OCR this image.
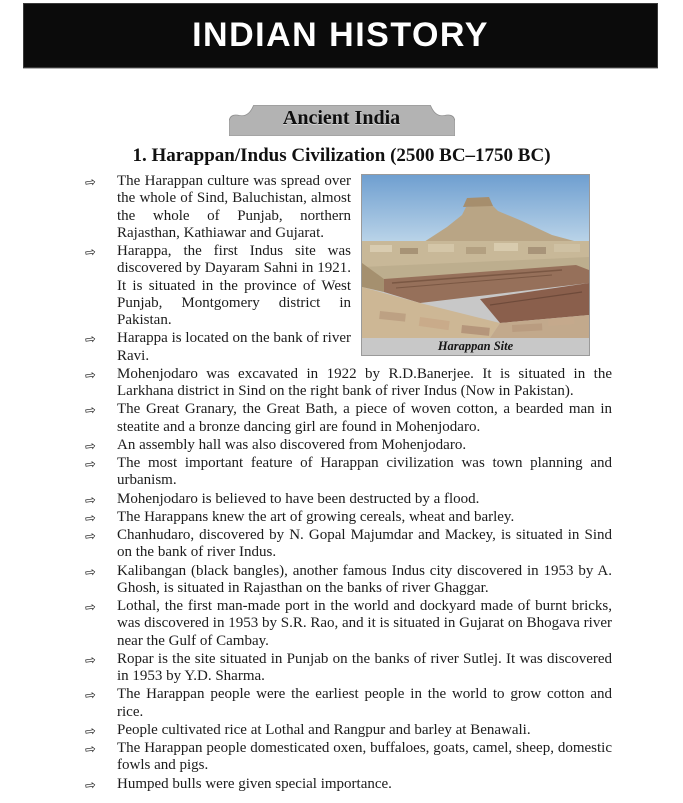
INDIAN HISTORY
Ancient India
1. Harappan/Indus Civilization (2500 BC–1750 BC)
Harappan Site
⇨ The Harappan culture was spread over the whole of Sind, Baluchistan, almost the whole of Punjab, northern Rajasthan, Kathiawar and Gujarat.
⇨ Harappa, the first Indus site was discovered by Dayaram Sahni in 1921. It is situated in the province of West Punjab, Montgomery district in Pakistan.
⇨ Harappa is located on the bank of river Ravi.
⇨ Mohenjodaro was excavated in 1922 by R.D.Banerjee. It is situated in the Larkhana district in Sind on the right bank of river Indus (Now in Pakistan).
⇨ The Great Granary, the Great Bath, a piece of woven cotton, a bearded man in steatite and a bronze dancing girl are found in Mohenjodaro.
⇨ An assembly hall was also discovered from Mohenjodaro.
⇨ The most important feature of Harappan civilization was town planning and urbanism.
⇨ Mohenjodaro is believed to have been destructed by a flood.
⇨ The Harappans knew the art of growing cereals, wheat and barley.
⇨ Chanhudaro, discovered by N. Gopal Majumdar and Mackey, is situated in Sind on the bank of river Indus.
⇨ Kalibangan (black bangles), another famous Indus city discovered in 1953 by A. Ghosh, is situated in Rajasthan on the banks of river Ghaggar.
⇨ Lothal, the first man-made port in the world and dockyard made of burnt bricks, was discovered in 1953 by S.R. Rao, and it is situated in Gujarat on Bhogava river near the Gulf of Cambay.
⇨ Ropar is the site situated in Punjab on the banks of river Sutlej. It was discovered in 1953 by Y.D. Sharma.
⇨ The Harappan people were the earliest people in the world to grow cotton and rice.
⇨ People cultivated rice at Lothal and Rangpur and barley at Benawali.
⇨ The Harappan people domesticated oxen, buffaloes, goats, camel, sheep, domestic fowls and pigs.
⇨ Humped bulls were given special importance.
